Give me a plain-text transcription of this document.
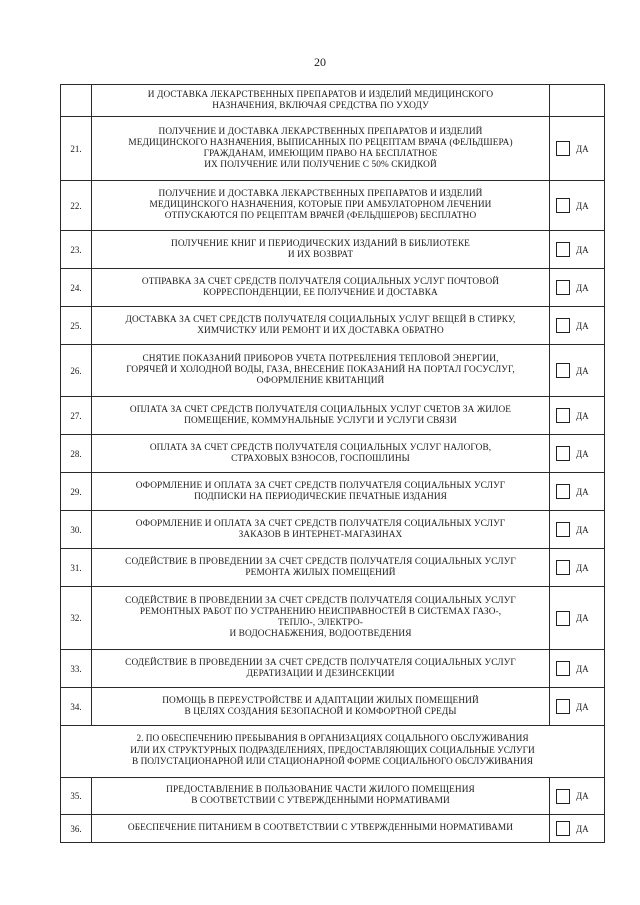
20

	И ДОСТАВКА ЛЕКАРСТВЕННЫХ ПРЕПАРАТОВ И ИЗДЕЛИЙ МЕДИЦИНСКОГО
НАЗНАЧЕНИЯ, ВКЛЮЧАЯ СРЕДСТВА ПО УХОДУ	

21.	ПОЛУЧЕНИЕ И ДОСТАВКА ЛЕКАРСТВЕННЫХ ПРЕПАРАТОВ И ИЗДЕЛИЙ
МЕДИЦИНСКОГО НАЗНАЧЕНИЯ, ВЫПИСАННЫХ ПО РЕЦЕПТАМ ВРАЧА (ФЕЛЬДШЕРА)
ГРАЖДАНАМ, ИМЕЮЩИМ ПРАВО НА БЕСПЛАТНОЕ
ИХ ПОЛУЧЕНИЕ ИЛИ ПОЛУЧЕНИЕ С 50% СКИДКОЙ	ДА

22.	ПОЛУЧЕНИЕ И ДОСТАВКА ЛЕКАРСТВЕННЫХ ПРЕПАРАТОВ И ИЗДЕЛИЙ
МЕДИЦИНСКОГО НАЗНАЧЕНИЯ, КОТОРЫЕ ПРИ АМБУЛАТОРНОМ ЛЕЧЕНИИ
ОТПУСКАЮТСЯ ПО РЕЦЕПТАМ ВРАЧЕЙ (ФЕЛЬДШЕРОВ) БЕСПЛАТНО	ДА

23.	ПОЛУЧЕНИЕ КНИГ И ПЕРИОДИЧЕСКИХ ИЗДАНИЙ В БИБЛИОТЕКЕ
И ИХ ВОЗВРАТ	ДА

24.	ОТПРАВКА ЗА СЧЕТ СРЕДСТВ ПОЛУЧАТЕЛЯ СОЦИАЛЬНЫХ УСЛУГ ПОЧТОВОЙ
КОРРЕСПОНДЕНЦИИ, ЕЕ ПОЛУЧЕНИЕ И ДОСТАВКА	ДА

25.	ДОСТАВКА ЗА СЧЕТ СРЕДСТВ ПОЛУЧАТЕЛЯ СОЦИАЛЬНЫХ УСЛУГ ВЕЩЕЙ В СТИРКУ,
ХИМЧИСТКУ ИЛИ РЕМОНТ И ИХ ДОСТАВКА ОБРАТНО	ДА

26.	СНЯТИЕ ПОКАЗАНИЙ ПРИБОРОВ УЧЕТА ПОТРЕБЛЕНИЯ ТЕПЛОВОЙ ЭНЕРГИИ,
ГОРЯЧЕЙ И ХОЛОДНОЙ ВОДЫ, ГАЗА, ВНЕСЕНИЕ ПОКАЗАНИЙ НА ПОРТАЛ ГОСУСЛУГ,
ОФОРМЛЕНИЕ КВИТАНЦИЙ	ДА

27.	ОПЛАТА ЗА СЧЕТ СРЕДСТВ ПОЛУЧАТЕЛЯ СОЦИАЛЬНЫХ УСЛУГ СЧЕТОВ ЗА ЖИЛОЕ
ПОМЕЩЕНИЕ, КОММУНАЛЬНЫЕ УСЛУГИ И УСЛУГИ СВЯЗИ	ДА

28.	ОПЛАТА ЗА СЧЕТ СРЕДСТВ ПОЛУЧАТЕЛЯ СОЦИАЛЬНЫХ УСЛУГ НАЛОГОВ,
СТРАХОВЫХ ВЗНОСОВ, ГОСПОШЛИНЫ	ДА

29.	ОФОРМЛЕНИЕ И ОПЛАТА ЗА СЧЕТ СРЕДСТВ ПОЛУЧАТЕЛЯ СОЦИАЛЬНЫХ УСЛУГ
ПОДПИСКИ НА ПЕРИОДИЧЕСКИЕ ПЕЧАТНЫЕ ИЗДАНИЯ	ДА

30.	ОФОРМЛЕНИЕ И ОПЛАТА ЗА СЧЕТ СРЕДСТВ ПОЛУЧАТЕЛЯ СОЦИАЛЬНЫХ УСЛУГ
ЗАКАЗОВ В ИНТЕРНЕТ-МАГАЗИНАХ	ДА

31.	СОДЕЙСТВИЕ В ПРОВЕДЕНИИ ЗА СЧЕТ СРЕДСТВ ПОЛУЧАТЕЛЯ СОЦИАЛЬНЫХ УСЛУГ
РЕМОНТА ЖИЛЫХ ПОМЕЩЕНИЙ	ДА

32.	СОДЕЙСТВИЕ В ПРОВЕДЕНИИ ЗА СЧЕТ СРЕДСТВ ПОЛУЧАТЕЛЯ СОЦИАЛЬНЫХ УСЛУГ
РЕМОНТНЫХ РАБОТ ПО УСТРАНЕНИЮ НЕИСПРАВНОСТЕЙ В СИСТЕМАХ ГАЗО-,
ТЕПЛО-, ЭЛЕКТРО-
И ВОДОСНАБЖЕНИЯ, ВОДООТВЕДЕНИЯ	ДА

33.	СОДЕЙСТВИЕ В ПРОВЕДЕНИИ ЗА СЧЕТ СРЕДСТВ ПОЛУЧАТЕЛЯ СОЦИАЛЬНЫХ УСЛУГ
ДЕРАТИЗАЦИИ И ДЕЗИНСЕКЦИИ	ДА

34.	ПОМОЩЬ В ПЕРЕУСТРОЙСТВЕ И АДАПТАЦИИ ЖИЛЫХ ПОМЕЩЕНИЙ
В ЦЕЛЯХ СОЗДАНИЯ БЕЗОПАСНОЙ И КОМФОРТНОЙ СРЕДЫ	ДА

2. ПО ОБЕСПЕЧЕНИЮ ПРЕБЫВАНИЯ В ОРГАНИЗАЦИЯХ СОЦАЛЬНОГО ОБСЛУЖИВАНИЯ
ИЛИ ИХ СТРУКТУРНЫХ ПОДРАЗДЕЛЕНИЯХ, ПРЕДОСТАВЛЯЮЩИХ СОЦИАЛЬНЫЕ УСЛУГИ
В ПОЛУСТАЦИОНАРНОЙ ИЛИ СТАЦИОНАРНОЙ ФОРМЕ СОЦИАЛЬНОГО ОБСЛУЖИВАНИЯ		

35.	ПРЕДОСТАВЛЕНИЕ В ПОЛЬЗОВАНИЕ ЧАСТИ ЖИЛОГО ПОМЕЩЕНИЯ
В СООТВЕТСТВИИ С УТВЕРЖДЕННЫМИ НОРМАТИВАМИ	ДА

36.	ОБЕСПЕЧЕНИЕ ПИТАНИЕМ В СООТВЕТСТВИИ С УТВЕРЖДЕННЫМИ НОРМАТИВАМИ	ДА
